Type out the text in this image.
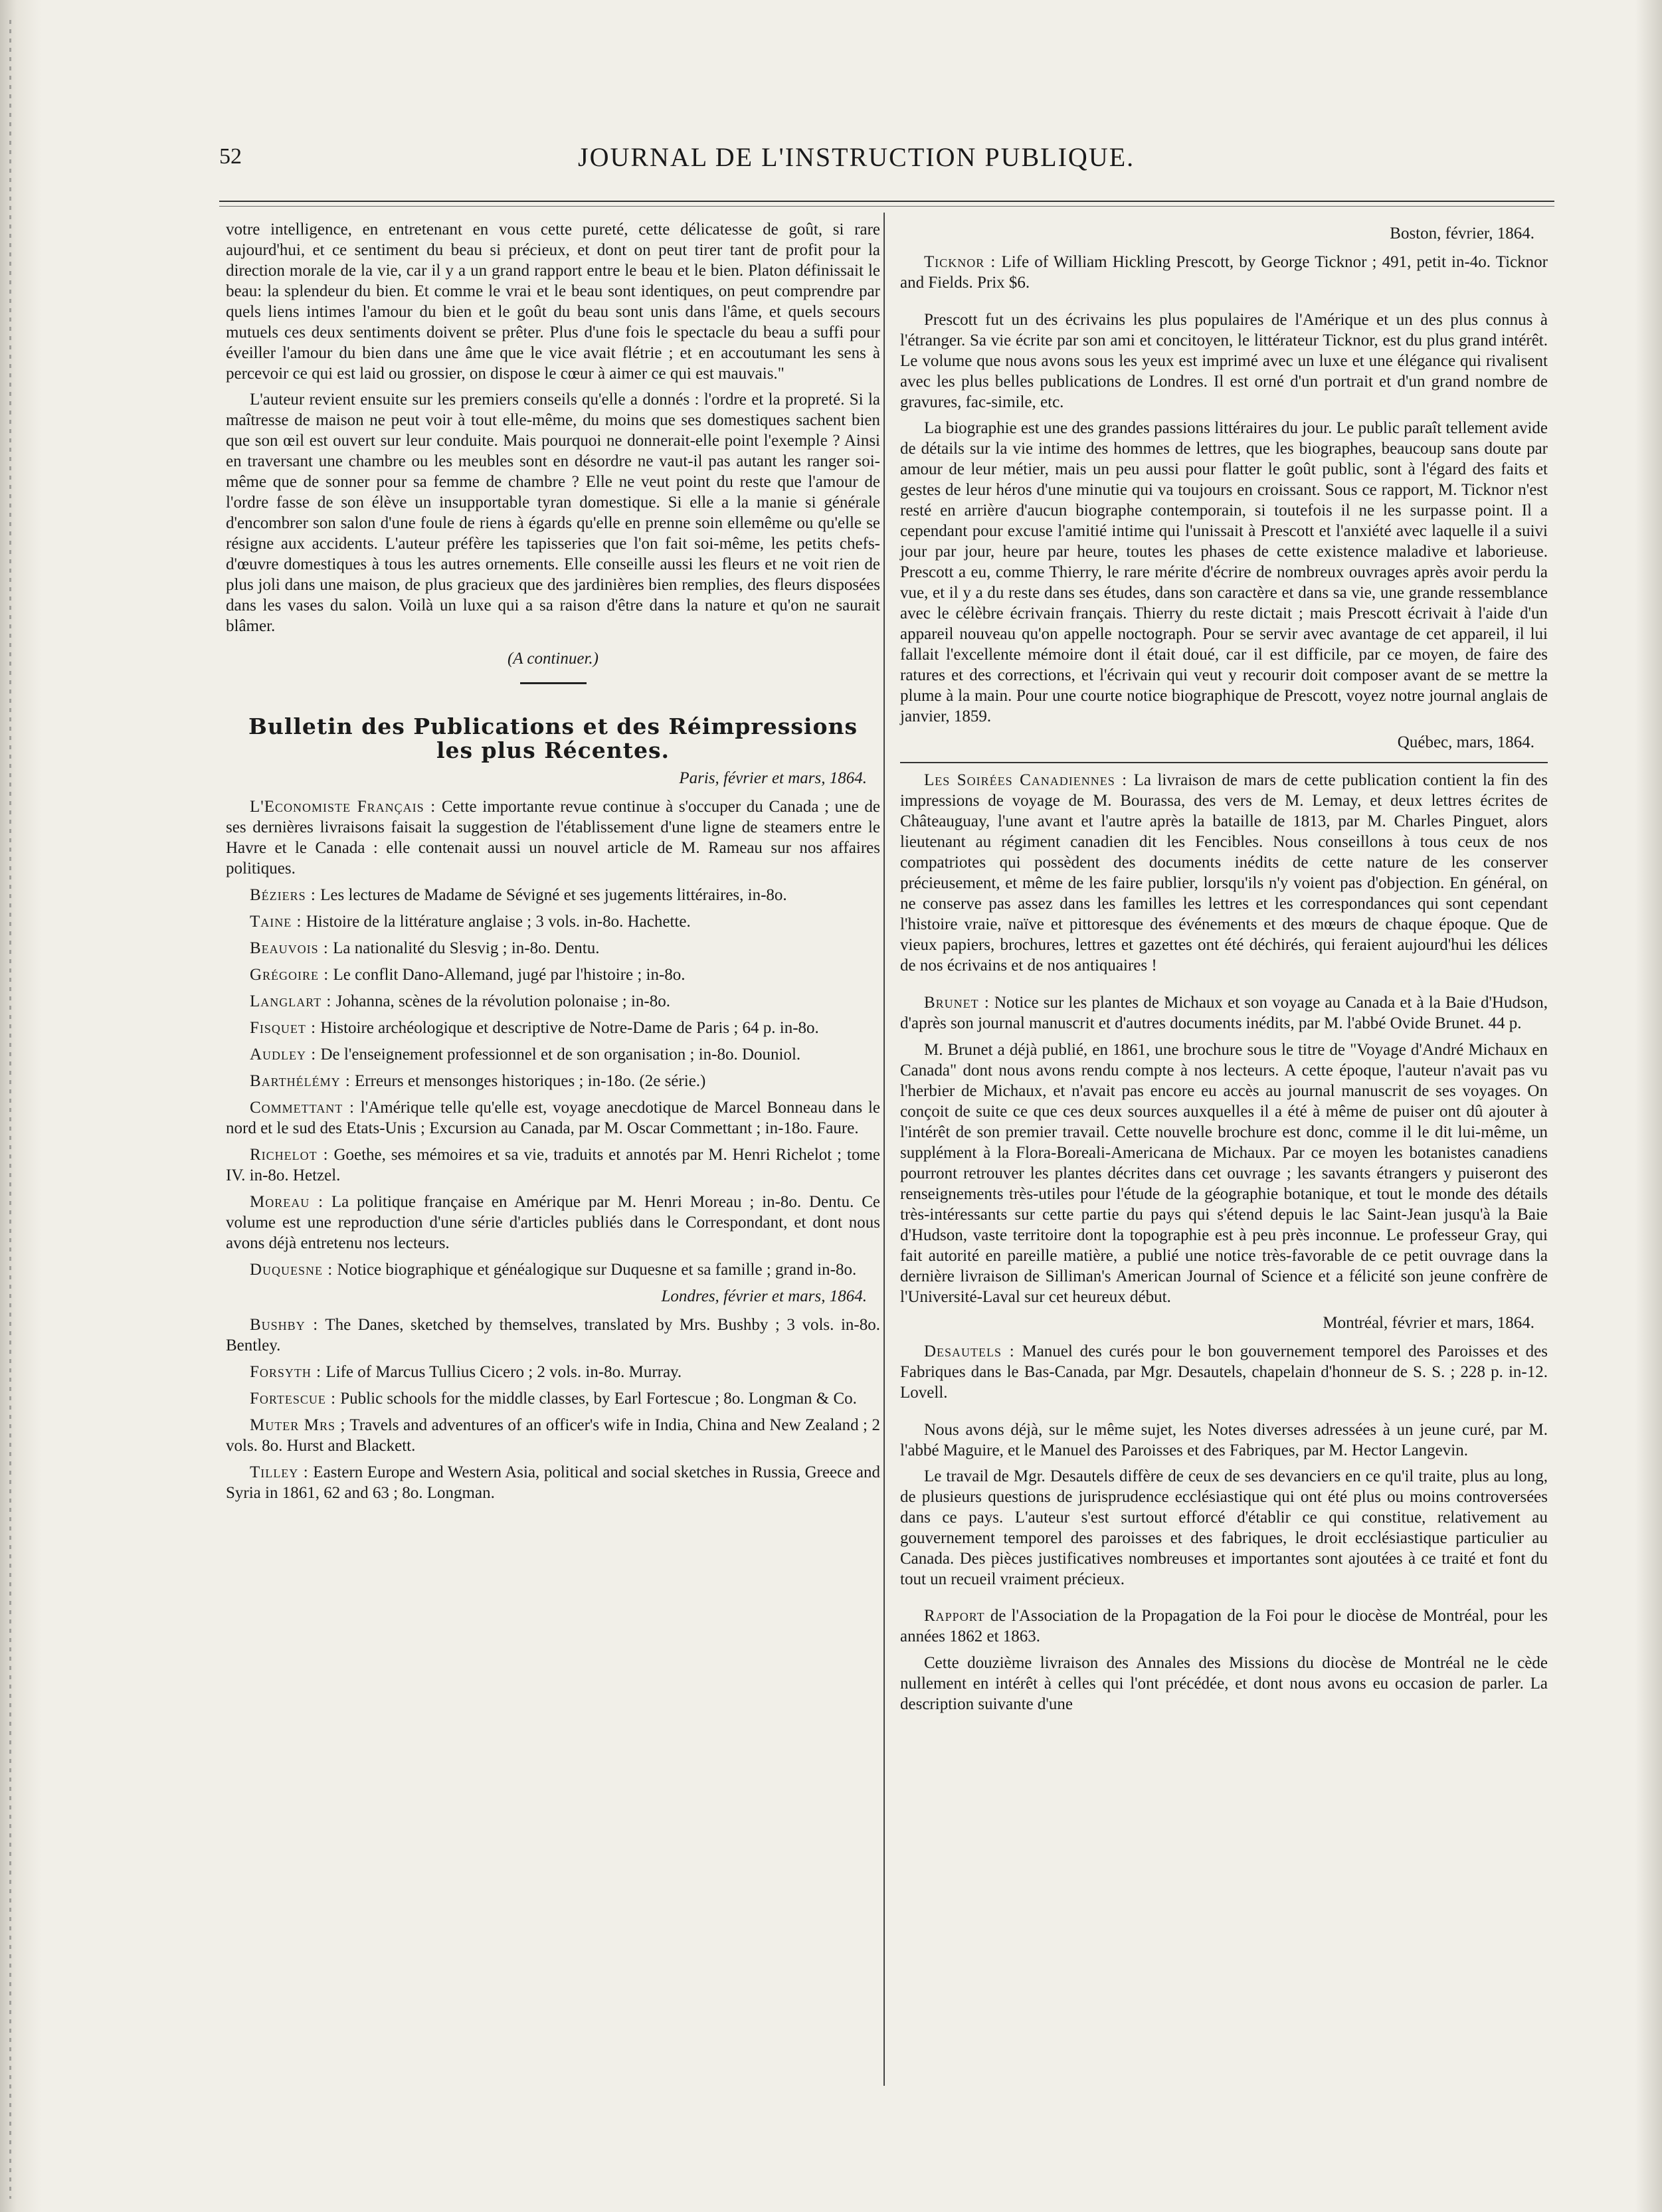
52	JOURNAL DE L'INSTRUCTION PUBLIQUE.

votre intelligence, en entretenant en vous cette pureté, cette délicatesse de goût, si rare aujourd'hui, et ce sentiment du beau si précieux, et dont on peut tirer tant de profit pour la direction morale de la vie, car il y a un grand rapport entre le beau et le bien. Platon définissait le beau: la splendeur du bien. Et comme le vrai et le beau sont identiques, on peut comprendre par quels liens intimes l'amour du bien et le goût du beau sont unis dans l'âme, et quels secours mutuels ces deux sentiments doivent se prêter. Plus d'une fois le spectacle du beau a suffi pour éveiller l'amour du bien dans une âme que le vice avait flétrie ; et en accoutumant les sens à percevoir ce qui est laid ou grossier, on dispose le cœur à aimer ce qui est mauvais."

L'auteur revient ensuite sur les premiers conseils qu'elle a donnés : l'ordre et la propreté. Si la maîtresse de maison ne peut voir à tout elle-même, du moins que ses domestiques sachent bien que son œil est ouvert sur leur conduite. Mais pourquoi ne donnerait-elle point l'exemple ? Ainsi en traversant une chambre ou les meubles sont en désordre ne vaut-il pas autant les ranger soi-même que de sonner pour sa femme de chambre ? Elle ne veut point du reste que l'amour de l'ordre fasse de son élève un insupportable tyran domestique. Si elle a la manie si générale d'encombrer son salon d'une foule de riens à égards qu'elle en prenne soin ellemême ou qu'elle se résigne aux accidents. L'auteur préfère les tapisseries que l'on fait soi-même, les petits chefs-d'œuvre domestiques à tous les autres ornements. Elle conseille aussi les fleurs et ne voit rien de plus joli dans une maison, de plus gracieux que des jardinières bien remplies, des fleurs disposées dans les vases du salon. Voilà un luxe qui a sa raison d'être dans la nature et qu'on ne saurait blâmer.

(A continuer.)
Bulletin des Publications et des Réimpressions
les plus Récentes.
Paris, février et mars, 1864.

L'Economiste Français : Cette importante revue continue à s'occuper du Canada ; une de ses dernières livraisons faisait la suggestion de l'établissement d'une ligne de steamers entre le Havre et le Canada : elle contenait aussi un nouvel article de M. Rameau sur nos affaires politiques.

Béziers : Les lectures de Madame de Sévigné et ses jugements littéraires, in-8o.

Taine : Histoire de la littérature anglaise ; 3 vols. in-8o. Hachette.

Beauvois : La nationalité du Slesvig ; in-8o. Dentu.

Grégoire : Le conflit Dano-Allemand, jugé par l'histoire ; in-8o.

Langlart : Johanna, scènes de la révolution polonaise ; in-8o.

Fisquet : Histoire archéologique et descriptive de Notre-Dame de Paris ; 64 p. in-8o.

Audley : De l'enseignement professionnel et de son organisation ; in-8o. Douniol.

Barthélémy : Erreurs et mensonges historiques ; in-18o. (2e série.)

Commettant : l'Amérique telle qu'elle est, voyage anecdotique de Marcel Bonneau dans le nord et le sud des Etats-Unis ; Excursion au Canada, par M. Oscar Commettant ; in-18o. Faure.

Richelot : Goethe, ses mémoires et sa vie, traduits et annotés par M. Henri Richelot ; tome IV. in-8o. Hetzel.

Moreau : La politique française en Amérique par M. Henri Moreau ; in-8o. Dentu. Ce volume est une reproduction d'une série d'articles publiés dans le Correspondant, et dont nous avons déjà entretenu nos lecteurs.

Duquesne : Notice biographique et généalogique sur Duquesne et sa famille ; grand in-8o.

Londres, février et mars, 1864.

Bushby : The Danes, sketched by themselves, translated by Mrs. Bushby ; 3 vols. in-8o. Bentley.

Forsyth : Life of Marcus Tullius Cicero ; 2 vols. in-8o. Murray.

Fortescue : Public schools for the middle classes, by Earl Fortescue ; 8o. Longman & Co.

Muter Mrs ; Travels and adventures of an officer's wife in India, China and New Zealand ; 2 vols. 8o. Hurst and Blackett.

Tilley : Eastern Europe and Western Asia, political and social sketches in Russia, Greece and Syria in 1861, 62 and 63 ; 8o. Longman.

Boston, février, 1864.

Ticknor : Life of William Hickling Prescott, by George Ticknor ; 491, petit in-4o. Ticknor and Fields. Prix $6.

Prescott fut un des écrivains les plus populaires de l'Amérique et un des plus connus à l'étranger. Sa vie écrite par son ami et concitoyen, le littérateur Ticknor, est du plus grand intérêt. Le volume que nous avons sous les yeux est imprimé avec un luxe et une élégance qui rivalisent avec les plus belles publications de Londres. Il est orné d'un portrait et d'un grand nombre de gravures, fac-simile, etc.

La biographie est une des grandes passions littéraires du jour. Le public paraît tellement avide de détails sur la vie intime des hommes de lettres, que les biographes, beaucoup sans doute par amour de leur métier, mais un peu aussi pour flatter le goût public, sont à l'égard des faits et gestes de leur héros d'une minutie qui va toujours en croissant. Sous ce rapport, M. Ticknor n'est resté en arrière d'aucun biographe contemporain, si toutefois il ne les surpasse point. Il a cependant pour excuse l'amitié intime qui l'unissait à Prescott et l'anxiété avec laquelle il a suivi jour par jour, heure par heure, toutes les phases de cette existence maladive et laborieuse. Prescott a eu, comme Thierry, le rare mérite d'écrire de nombreux ouvrages après avoir perdu la vue, et il y a du reste dans ses études, dans son caractère et dans sa vie, une grande ressemblance avec le célèbre écrivain français. Thierry du reste dictait ; mais Prescott écrivait à l'aide d'un appareil nouveau qu'on appelle noctograph. Pour se servir avec avantage de cet appareil, il lui fallait l'excellente mémoire dont il était doué, car il est difficile, par ce moyen, de faire des ratures et des corrections, et l'écrivain qui veut y recourir doit composer avant de se mettre la plume à la main. Pour une courte notice biographique de Prescott, voyez notre journal anglais de janvier, 1859.

Québec, mars, 1864.

Les Soirées Canadiennes : La livraison de mars de cette publication contient la fin des impressions de voyage de M. Bourassa, des vers de M. Lemay, et deux lettres écrites de Châteauguay, l'une avant et l'autre après la bataille de 1813, par M. Charles Pinguet, alors lieutenant au régiment canadien dit les Fencibles. Nous conseillons à tous ceux de nos compatriotes qui possèdent des documents inédits de cette nature de les conserver précieusement, et même de les faire publier, lorsqu'ils n'y voient pas d'objection. En général, on ne conserve pas assez dans les familles les lettres et les correspondances qui sont cependant l'histoire vraie, naïve et pittoresque des événements et des mœurs de chaque époque. Que de vieux papiers, brochures, lettres et gazettes ont été déchirés, qui feraient aujourd'hui les délices de nos écrivains et de nos antiquaires !

Brunet : Notice sur les plantes de Michaux et son voyage au Canada et à la Baie d'Hudson, d'après son journal manuscrit et d'autres documents inédits, par M. l'abbé Ovide Brunet. 44 p.

M. Brunet a déjà publié, en 1861, une brochure sous le titre de "Voyage d'André Michaux en Canada" dont nous avons rendu compte à nos lecteurs. A cette époque, l'auteur n'avait pas vu l'herbier de Michaux, et n'avait pas encore eu accès au journal manuscrit de ses voyages. On conçoit de suite ce que ces deux sources auxquelles il a été à même de puiser ont dû ajouter à l'intérêt de son premier travail. Cette nouvelle brochure est donc, comme il le dit lui-même, un supplément à la Flora-Boreali-Americana de Michaux. Par ce moyen les botanistes canadiens pourront retrouver les plantes décrites dans cet ouvrage ; les savants étrangers y puiseront des renseignements très-utiles pour l'étude de la géographie botanique, et tout le monde des détails très-intéressants sur cette partie du pays qui s'étend depuis le lac Saint-Jean jusqu'à la Baie d'Hudson, vaste territoire dont la topographie est à peu près inconnue. Le professeur Gray, qui fait autorité en pareille matière, a publié une notice très-favorable de ce petit ouvrage dans la dernière livraison de Silliman's American Journal of Science et a félicité son jeune confrère de l'Université-Laval sur cet heureux début.

Montréal, février et mars, 1864.

Desautels : Manuel des curés pour le bon gouvernement temporel des Paroisses et des Fabriques dans le Bas-Canada, par Mgr. Desautels, chapelain d'honneur de S. S. ; 228 p. in-12. Lovell.

Nous avons déjà, sur le même sujet, les Notes diverses adressées à un jeune curé, par M. l'abbé Maguire, et le Manuel des Paroisses et des Fabriques, par M. Hector Langevin.

Le travail de Mgr. Desautels diffère de ceux de ses devanciers en ce qu'il traite, plus au long, de plusieurs questions de jurisprudence ecclésiastique qui ont été plus ou moins controversées dans ce pays. L'auteur s'est surtout efforcé d'établir ce qui constitue, relativement au gouvernement temporel des paroisses et des fabriques, le droit ecclésiastique particulier au Canada. Des pièces justificatives nombreuses et importantes sont ajoutées à ce traité et font du tout un recueil vraiment précieux.

Rapport de l'Association de la Propagation de la Foi pour le diocèse de Montréal, pour les années 1862 et 1863.

Cette douzième livraison des Annales des Missions du diocèse de Montréal ne le cède nullement en intérêt à celles qui l'ont précédée, et dont nous avons eu occasion de parler. La description suivante d'une
